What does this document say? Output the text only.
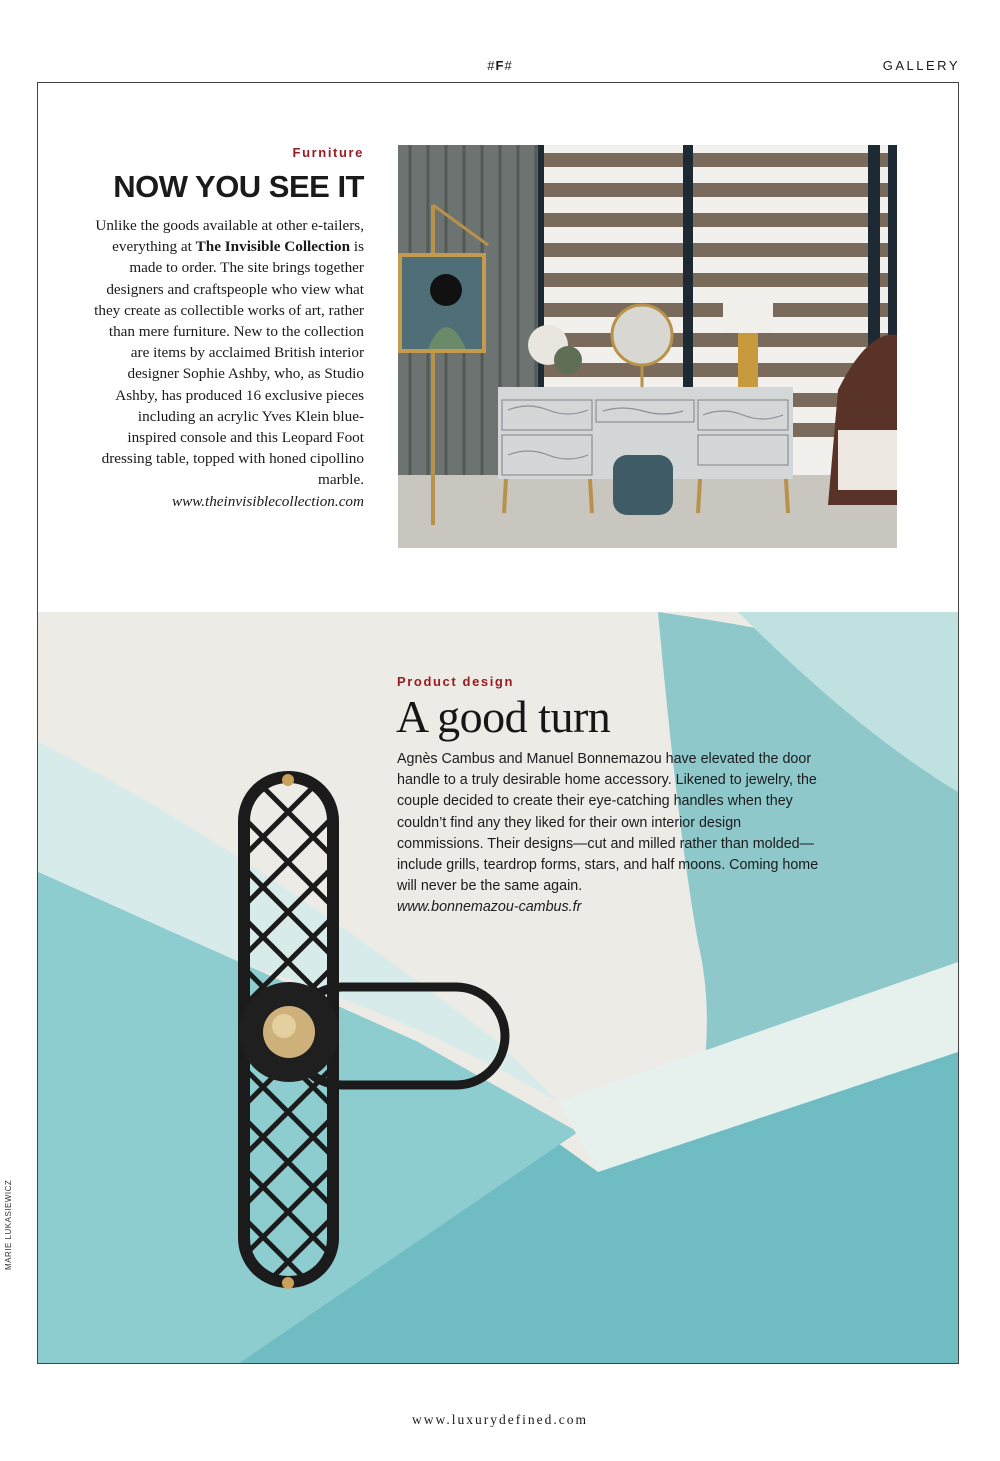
#F#	GALLERY
Furniture
NOW YOU SEE IT

Unlike the goods available at other e-tailers, everything at The Invisible Collection is made to order. The site brings together designers and craftspeople who view what they create as collectible works of art, rather than mere furniture. New to the collection are items by acclaimed British interior designer Sophie Ashby, who, as Studio Ashby, has produced 16 exclusive pieces including an acrylic Yves Klein blue-inspired console and this Leopard Foot dressing table, topped with honed cipollino marble.
www.theinvisiblecollection.com

Product design
A good turn

Agnès Cambus and Manuel Bonnemazou have elevated the door handle to a truly desirable home accessory. Likened to jewelry, the couple decided to create their eye-catching handles when they couldn’t find any they liked for their own interior design commissions. Their designs—cut and milled rather than molded—include grills, teardrop forms, stars, and half moons. Coming home will never be the same again.
www.bonnemazou-cambus.fr

MARIE LUKASIEWICZ
www.luxurydefined.com
